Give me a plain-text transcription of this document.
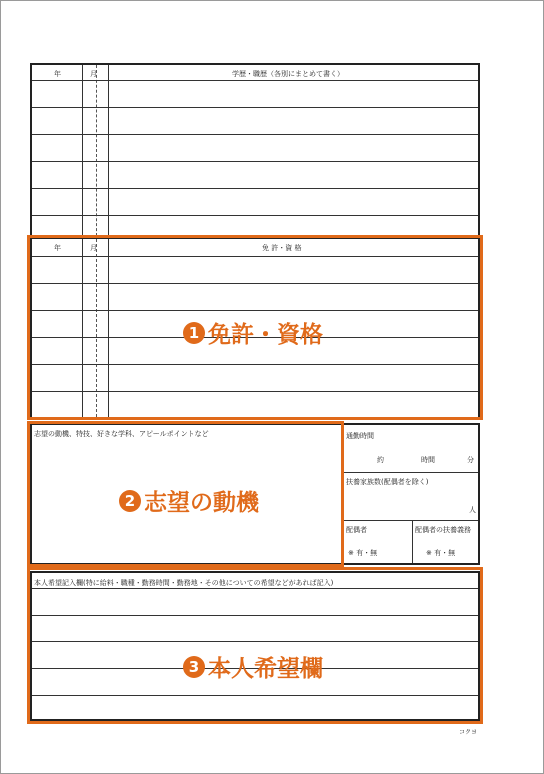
年	月	学歴・職歴（各別にまとめて書く）
年	月	免 許・資 格
志望の動機、特技、好きな学科、アピールポイントなど	通勤時間
約	時間	分
扶養家族数(配偶者を除く)
人
配偶者
※ 有・無
配偶者の扶養義務
※ 有・無
本人希望記入欄(特に給料・職種・勤務時間・勤務地・その他についての希望などがあれば記入)
コクヨ
1 免許・資格
2 志望の動機
3 本人希望欄
